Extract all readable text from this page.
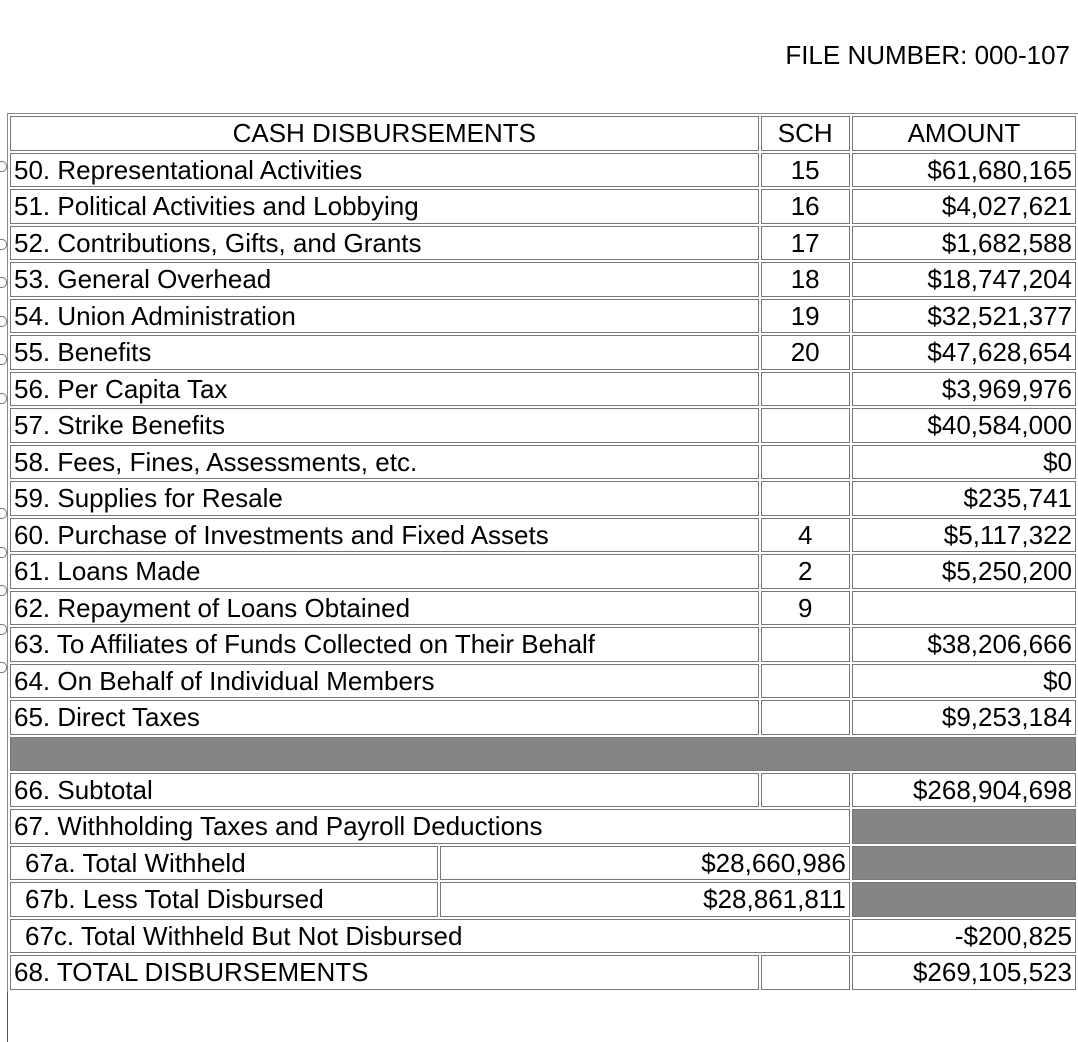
FILE NUMBER: 000-107
CASH DISBURSEMENTS		SCH	AMOUNT
50. Representational Activities		15	$61,680,165
51. Political Activities and Lobbying		16	$4,027,621
52. Contributions, Gifts, and Grants		17	$1,682,588
53. General Overhead		18	$18,747,204
54. Union Administration		19	$32,521,377
55. Benefits		20	$47,628,654
56. Per Capita Tax			$3,969,976
57. Strike Benefits			$40,584,000
58. Fees, Fines, Assessments, etc.			$0
59. Supplies for Resale			$235,741
60. Purchase of Investments and Fixed Assets		4	$5,117,322
61. Loans Made		2	$5,250,200
62. Repayment of Loans Obtained		9	
63. To Affiliates of Funds Collected on Their Behalf			$38,206,666
64. On Behalf of Individual Members			$0
65. Direct Taxes			$9,253,184

66. Subtotal			$268,904,698
67. Withholding Taxes and Payroll Deductions			
67a. Total Withheld	$28,660,986		
67b. Less Total Disbursed	$28,861,811		
67c. Total Withheld But Not Disbursed			-$200,825
68. TOTAL DISBURSEMENTS			$269,105,523
